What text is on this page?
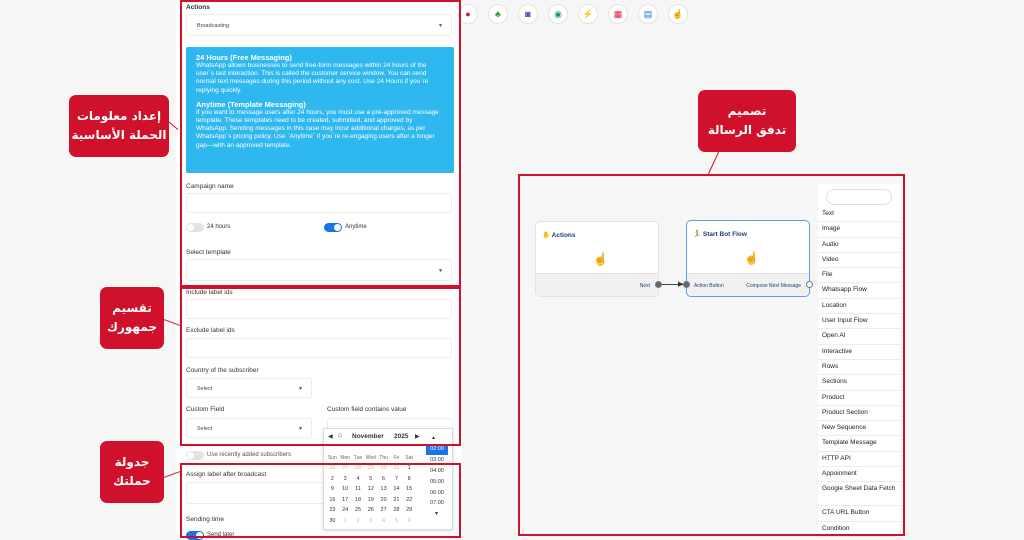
Actions
Broadcasting	▼
24 Hours (Free Messaging)
WhatsApp allows businesses to send free-form messages within 24 hours of the user`s last interaction. This is called the customer service window. You can send normal text messages during this period without any cost. Use 24 Hours if you`re replying quickly.
Anytime (Template Messaging)
If you want to message users after 24 hours, you must use a pre-approved message template. These templates need to be created, submitted, and approved by WhatsApp. Sending messages in this case may incur additional charges, as per WhatsApp`s pricing policy. Use `Anytime` if you`re re-engaging users after a longer gap—with an approved template.
Campaign name
24 hours	Anytime
Select template
▼
Include label ids
Exclude label ids
Country of the subscriber
Select	▼
Custom Field
Select	▼
Custom field contains value
Use recently added subscribers
Assign label after broadcast
Sending time
Send later
◀ ⌂ November 2025 ▶
Sun	Mon	Tue	Wed	Thu	Fri	Sat
26	27	28	29	30	31	1
2	3	4	5	6	7	8
9	10	11	12	13	14	15
16	17	18	19	20	21	22
23	24	25	26	27	28	29
30	1	2	3	4	5	6
▲
02:00
03:00
04:00
05:00
06:00
07:00
▼
●	♣	◙	◉	⚡	▦	▤	☝
✋ Actions
☝
Next	▶
🏃 Start Bot Flow
☝
Action Button	Compose Next Message
Text
Image
Audio
Video
File
Whatsapp Flow
Location
User Input Flow
Open AI
Interactive
Rows
Sections
Product
Product Section
New Sequence
Template Message
HTTP API
Appoinment
Google Sheet Data Fetch
CTA URL Button
Condition
إعداد معلومات
الحملة الأساسية
تقسيم
جمهورك
جدولة
حملتك
تصميم
تدفق الرسالة
